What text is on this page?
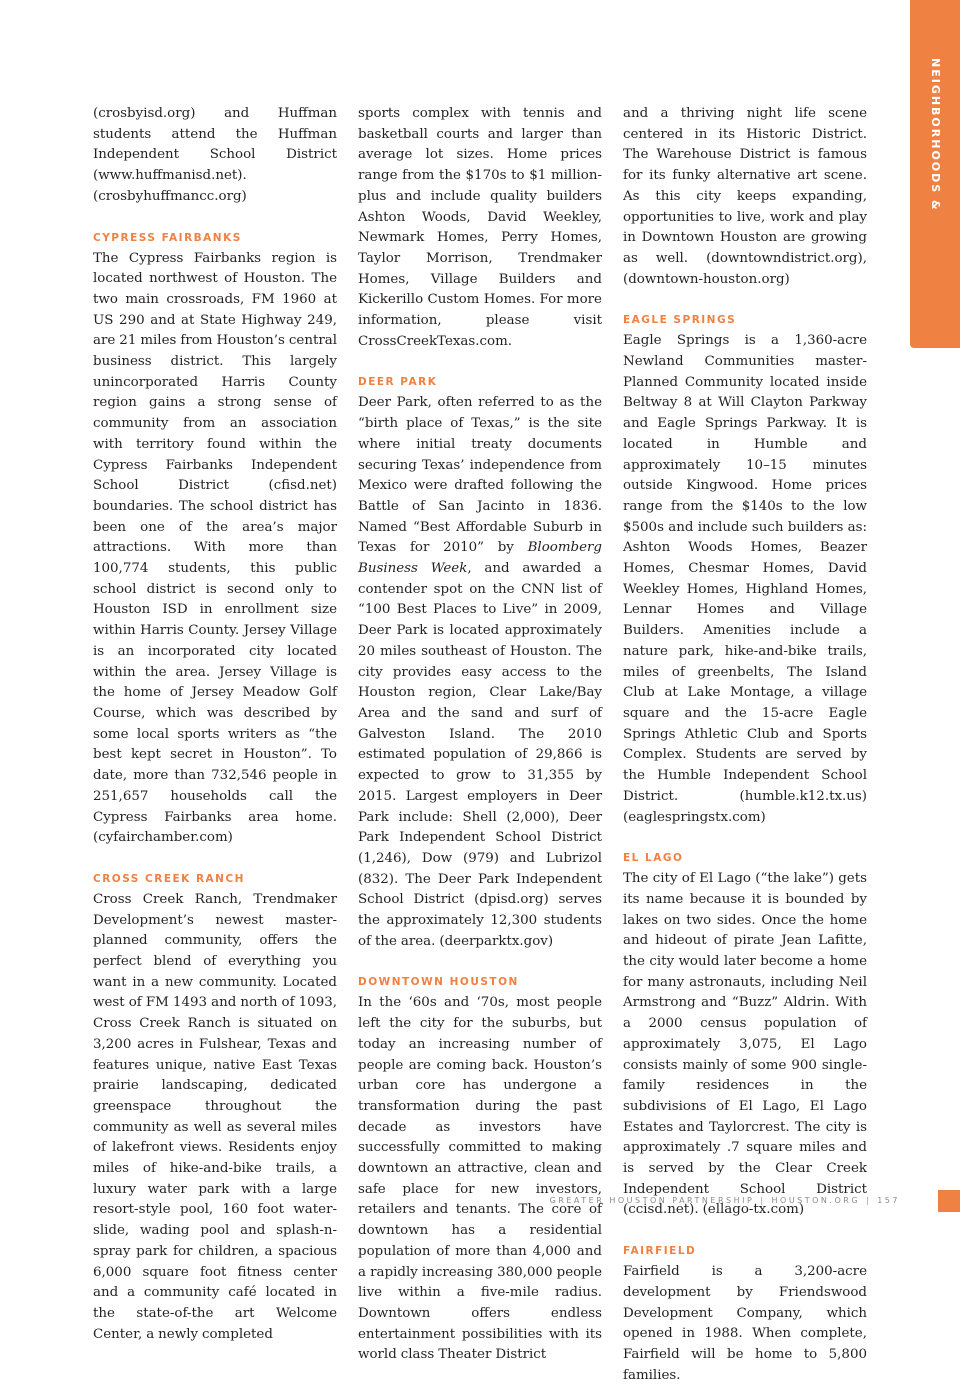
NEIGHBORHOODS & COMMUNITIES

(crosbyisd.org) and Huffman students attend the Huffman Independent School District (www.huffmanisd.net). (crosbyhuffmancc.org)

CYPRESS FAIRBANKS

The Cypress Fairbanks region is located northwest of Houston. The two main crossroads, FM 1960 at US 290 and at State Highway 249, are 21 miles from Houston’s central business district. This largely unincorporated Harris County region gains a strong sense of community from an association with territory found within the Cypress Fairbanks Independent School District (cfisd.net) boundaries. The school district has been one of the area’s major attractions. With more than 100,774 students, this public school district is second only to Houston ISD in enrollment size within Harris County. Jersey Village is an incorporated city located within the area. Jersey Village is the home of Jersey Meadow Golf Course, which was described by some local sports writers as “the best kept secret in Houston”. To date, more than 732,546 people in 251,657 households call the Cypress Fairbanks area home. (cyfairchamber.com)

CROSS CREEK RANCH

Cross Creek Ranch, Trendmaker Development’s newest master-planned community, offers the perfect blend of everything you want in a new community. Located west of FM 1493 and north of 1093, Cross Creek Ranch is situated on 3,200 acres in Fulshear, Texas and features unique, native East Texas prairie landscaping, dedicated greenspace throughout the community as well as several miles of lakefront views. Residents enjoy miles of hike-and-bike trails, a luxury water park with a large resort-style pool, 160 foot water-slide, wading pool and splash-n-spray park for children, a spacious 6,000 square foot fitness center and a community café located in the state-of-the art Welcome Center, a newly completed

sports complex with tennis and basketball courts and larger than average lot sizes. Home prices range from the $170s to $1 million-plus and include quality builders Ashton Woods, David Weekley, Newmark Homes, Perry Homes, Taylor Morrison, Trendmaker Homes, Village Builders and Kickerillo Custom Homes. For more information, please visit CrossCreekTexas.com.

DEER PARK

Deer Park, often referred to as the “birth place of Texas,” is the site where initial treaty documents securing Texas’ independence from Mexico were drafted following the Battle of San Jacinto in 1836. Named “Best Affordable Suburb in Texas for 2010” by Bloomberg Business Week, and awarded a contender spot on the CNN list of “100 Best Places to Live” in 2009, Deer Park is located approximately 20 miles southeast of Houston. The city provides easy access to the Houston region, Clear Lake/Bay Area and the sand and surf of Galveston Island. The 2010 estimated population of 29,866 is expected to grow to 31,355 by 2015. Largest employers in Deer Park include: Shell (2,000), Deer Park Independent School District (1,246), Dow (979) and Lubrizol (832). The Deer Park Independent School District (dpisd.org) serves the approximately 12,300 students of the area. (deerparktx.gov)

DOWNTOWN HOUSTON

In the ‘60s and ‘70s, most people left the city for the suburbs, but today an increasing number of people are coming back. Houston’s urban core has undergone a transformation during the past decade as investors have successfully committed to making downtown an attractive, clean and safe place for new investors, retailers and tenants. The core of downtown has a residential population of more than 4,000 and a rapidly increasing 380,000 people live within a five-mile radius. Downtown offers endless entertainment possibilities with its world class Theater District

and a thriving night life scene centered in its Historic District. The Warehouse District is famous for its funky alternative art scene. As this city keeps expanding, opportunities to live, work and play in Downtown Houston are growing as well. (downtowndistrict.org), (downtown-houston.org)

EAGLE SPRINGS

Eagle Springs is a 1,360-acre Newland Communities master-Planned Community located inside Beltway 8 at Will Clayton Parkway and Eagle Springs Parkway. It is located in Humble and approximately 10–15 minutes outside Kingwood. Home prices range from the $140s to the low $500s and include such builders as: Ashton Woods Homes, Beazer Homes, Chesmar Homes, David Weekley Homes, Highland Homes, Lennar Homes and Village Builders. Amenities include a nature park, hike-and-bike trails, miles of greenbelts, The Island Club at Lake Montage, a village square and the 15-acre Eagle Springs Athletic Club and Sports Complex. Students are served by the Humble Independent School District. (humble.k12.tx.us) (eaglespringstx.com)

EL LAGO

The city of El Lago (“the lake”) gets its name because it is bounded by lakes on two sides. Once the home and hideout of pirate Jean Lafitte, the city would later become a home for many astronauts, including Neil Armstrong and “Buzz” Aldrin. With a 2000 census population of approximately 3,075, El Lago consists mainly of some 900 single-family residences in the subdivisions of El Lago, El Lago Estates and Taylorcrest. The city is approximately .7 square miles and is served by the Clear Creek Independent School District (ccisd.net). (ellago-tx.com)

FAIRFIELD

Fairfield is a 3,200-acre development by Friendswood Development Company, which opened in 1988. When complete, Fairfield will be home to 5,800 families.

GREATER HOUSTON PARTNERSHIP | HOUSTON.ORG | 157
